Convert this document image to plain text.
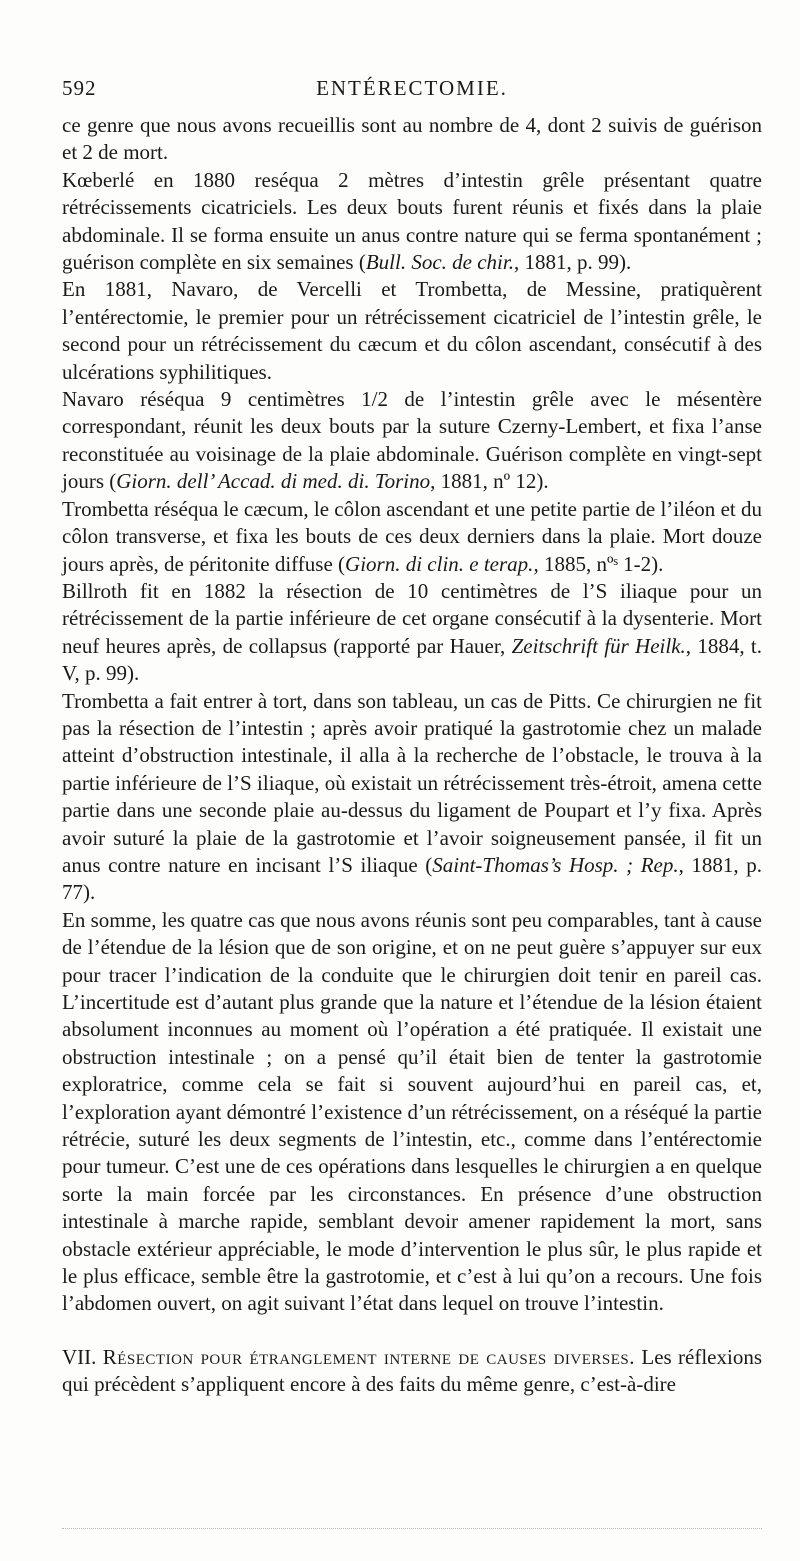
592	ENTÉRECTOMIE.

ce genre que nous avons recueillis sont au nombre de 4, dont 2 suivis de guérison et 2 de mort.

Kœberlé en 1880 reséqua 2 mètres d’intestin grêle présentant quatre rétrécissements cicatriciels. Les deux bouts furent réunis et fixés dans la plaie abdominale. Il se forma ensuite un anus contre nature qui se ferma spontanément ; guérison complète en six semaines (Bull. Soc. de chir., 1881, p. 99).

En 1881, Navaro, de Vercelli et Trombetta, de Messine, pratiquèrent l’entérectomie, le premier pour un rétrécissement cicatriciel de l’intestin grêle, le second pour un rétrécissement du cæcum et du côlon ascendant, consécutif à des ulcérations syphilitiques.

Navaro réséqua 9 centimètres 1/2 de l’intestin grêle avec le mésentère correspondant, réunit les deux bouts par la suture Czerny-Lembert, et fixa l’anse reconstituée au voisinage de la plaie abdominale. Guérison complète en vingt-sept jours (Giorn. dell’ Accad. di med. di. Torino, 1881, nº 12).

Trombetta réséqua le cæcum, le côlon ascendant et une petite partie de l’iléon et du côlon transverse, et fixa les bouts de ces deux derniers dans la plaie. Mort douze jours après, de péritonite diffuse (Giorn. di clin. e terap., 1885, nºˢ 1-2).

Billroth fit en 1882 la résection de 10 centimètres de l’S iliaque pour un rétrécissement de la partie inférieure de cet organe consécutif à la dysenterie. Mort neuf heures après, de collapsus (rapporté par Hauer, Zeitschrift für Heilk., 1884, t. V, p. 99).

Trombetta a fait entrer à tort, dans son tableau, un cas de Pitts. Ce chirurgien ne fit pas la résection de l’intestin ; après avoir pratiqué la gastrotomie chez un malade atteint d’obstruction intestinale, il alla à la recherche de l’obstacle, le trouva à la partie inférieure de l’S iliaque, où existait un rétrécissement très-étroit, amena cette partie dans une seconde plaie au-dessus du ligament de Poupart et l’y fixa. Après avoir suturé la plaie de la gastrotomie et l’avoir soigneusement pansée, il fit un anus contre nature en incisant l’S iliaque (Saint-Thomas’s Hosp. ; Rep., 1881, p. 77).

En somme, les quatre cas que nous avons réunis sont peu comparables, tant à cause de l’étendue de la lésion que de son origine, et on ne peut guère s’appuyer sur eux pour tracer l’indication de la conduite que le chirurgien doit tenir en pareil cas. L’incertitude est d’autant plus grande que la nature et l’étendue de la lésion étaient absolument inconnues au moment où l’opération a été pratiquée. Il existait une obstruction intestinale ; on a pensé qu’il était bien de tenter la gastrotomie exploratrice, comme cela se fait si souvent aujourd’hui en pareil cas, et, l’exploration ayant démontré l’existence d’un rétrécissement, on a réséqué la partie rétrécie, suturé les deux segments de l’intestin, etc., comme dans l’entérectomie pour tumeur. C’est une de ces opérations dans lesquelles le chirurgien a en quelque sorte la main forcée par les circonstances. En présence d’une obstruction intestinale à marche rapide, semblant devoir amener rapidement la mort, sans obstacle extérieur appréciable, le mode d’intervention le plus sûr, le plus rapide et le plus efficace, semble être la gastrotomie, et c’est à lui qu’on a recours. Une fois l’abdomen ouvert, on agit suivant l’état dans lequel on trouve l’intestin.

VII. Résection pour étranglement interne de causes diverses. Les réflexions qui précèdent s’appliquent encore à des faits du même genre, c’est-à-dire
